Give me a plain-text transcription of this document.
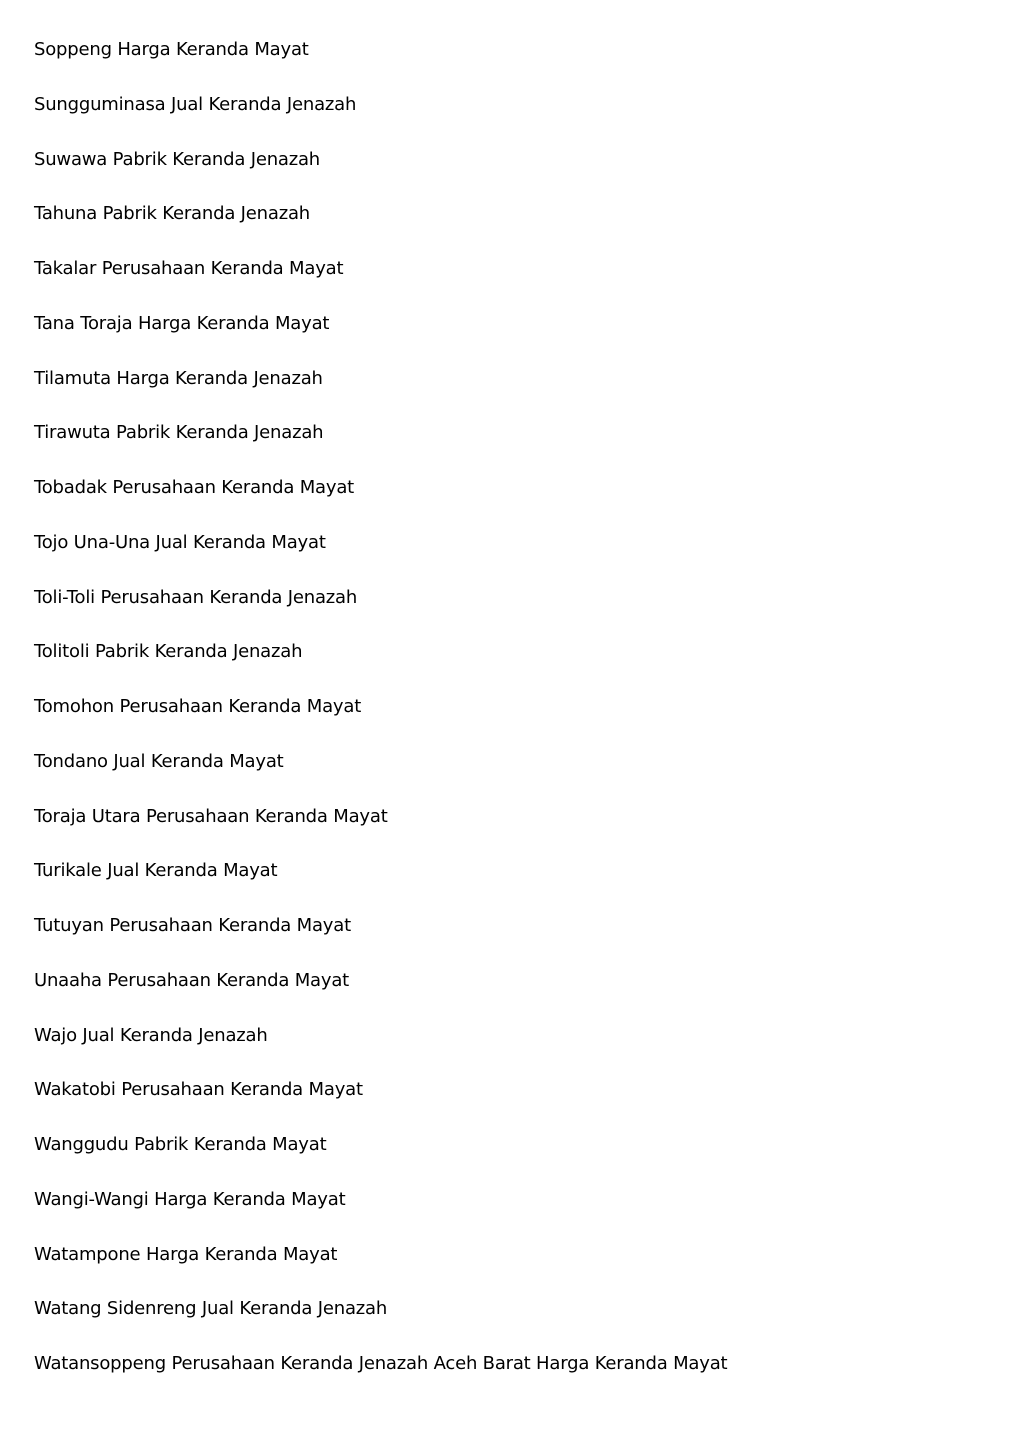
Soppeng Harga Keranda Mayat
Sungguminasa Jual Keranda Jenazah
Suwawa Pabrik Keranda Jenazah
Tahuna Pabrik Keranda Jenazah
Takalar Perusahaan Keranda Mayat
Tana Toraja Harga Keranda Mayat
Tilamuta Harga Keranda Jenazah
Tirawuta Pabrik Keranda Jenazah
Tobadak Perusahaan Keranda Mayat
Tojo Una-Una Jual Keranda Mayat
Toli-Toli Perusahaan Keranda Jenazah
Tolitoli Pabrik Keranda Jenazah
Tomohon Perusahaan Keranda Mayat
Tondano Jual Keranda Mayat
Toraja Utara Perusahaan Keranda Mayat
Turikale Jual Keranda Mayat
Tutuyan Perusahaan Keranda Mayat
Unaaha Perusahaan Keranda Mayat
Wajo Jual Keranda Jenazah
Wakatobi Perusahaan Keranda Mayat
Wanggudu Pabrik Keranda Mayat
Wangi-Wangi Harga Keranda Mayat
Watampone Harga Keranda Mayat
Watang Sidenreng Jual Keranda Jenazah
Watansoppeng Perusahaan Keranda Jenazah Aceh Barat Harga Keranda Mayat
